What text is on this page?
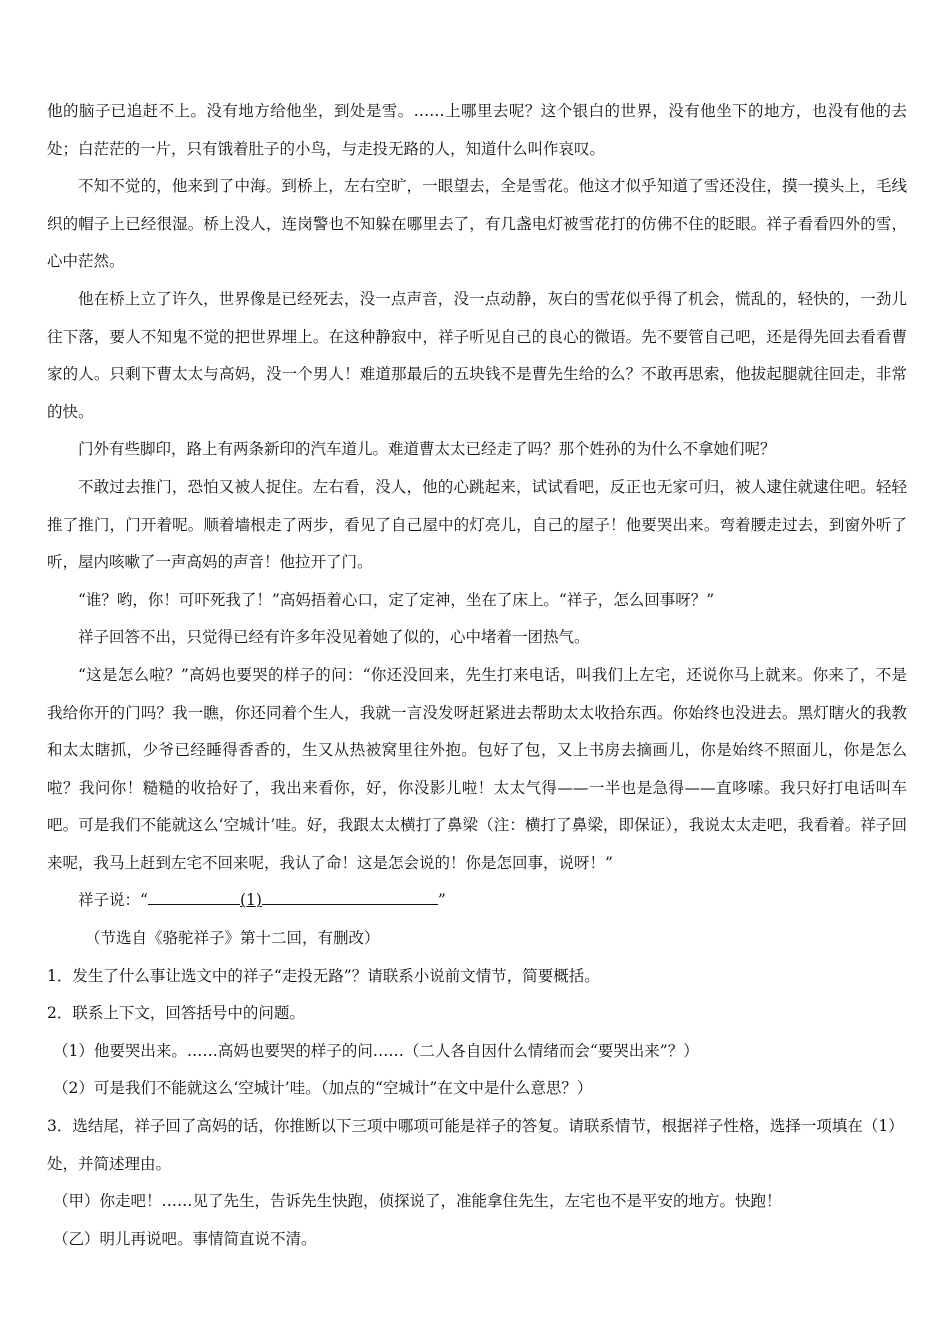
他的脑子已追赶不上。没有地方给他坐，到处是雪。……上哪里去呢？这个银白的世界，没有他坐下的地方，也没有他的去处；白茫茫的一片，只有饿着肚子的小鸟，与走投无路的人，知道什么叫作哀叹。

不知不觉的，他来到了中海。到桥上，左右空旷，一眼望去，全是雪花。他这才似乎知道了雪还没住，摸一摸头上，毛线织的帽子上已经很湿。桥上没人，连岗警也不知躲在哪里去了，有几盏电灯被雪花打的仿佛不住的眨眼。祥子看看四外的雪，心中茫然。

他在桥上立了许久，世界像是已经死去，没一点声音，没一点动静，灰白的雪花似乎得了机会，慌乱的，轻快的，一劲儿往下落，要人不知鬼不觉的把世界埋上。在这种静寂中，祥子听见自己的良心的微语。先不要管自己吧，还是得先回去看看曹家的人。只剩下曹太太与高妈，没一个男人！难道那最后的五块钱不是曹先生给的么？不敢再思索，他拔起腿就往回走，非常的快。

门外有些脚印，路上有两条新印的汽车道儿。难道曹太太已经走了吗？那个姓孙的为什么不拿她们呢？

不敢过去推门，恐怕又被人捉住。左右看，没人，他的心跳起来，试试看吧，反正也无家可归，被人逮住就逮住吧。轻轻推了推门，门开着呢。顺着墙根走了两步，看见了自己屋中的灯亮儿，自己的屋子！他要哭出来。弯着腰走过去，到窗外听了听，屋内咳嗽了一声高妈的声音！他拉开了门。

“谁？哟，你！可吓死我了！”高妈捂着心口，定了定神，坐在了床上。“祥子，怎么回事呀？”

祥子回答不出，只觉得已经有许多年没见着她了似的，心中堵着一团热气。

“这是怎么啦？”高妈也要哭的样子的问：“你还没回来，先生打来电话，叫我们上左宅，还说你马上就来。你来了，不是我给你开的门吗？我一瞧，你还同着个生人，我就一言没发呀赶紧进去帮助太太收拾东西。你始终也没进去。黑灯瞎火的我教和太太瞎抓，少爷已经睡得香香的，生又从热被窝里往外抱。包好了包，又上书房去摘画儿，你是始终不照面儿，你是怎么啦？我问你！糙糙的收拾好了，我出来看你，好，你没影儿啦！太太气得——一半也是急得——直哆嗦。我只好打电话叫车吧。可是我们不能就这么‘空城计’哇。好，我跟太太横打了鼻梁（注：横打了鼻梁，即保证），我说太太走吧，我看着。祥子回来呢，我马上赶到左宅不回来呢，我认了命！这是怎会说的！你是怎回事，说呀！”

祥子说：“	(1)	”

（节选自《骆驼祥子》第十二回，有删改）

1．发生了什么事让选文中的祥子“走投无路”？请联系小说前文情节，简要概括。

2．联系上下文，回答括号中的问题。

（1）他要哭出来。……高妈也要哭的样子的问……（二人各自因什么情绪而会“要哭出来”？）

（2）可是我们不能就这么‘空城计’哇。（加点的“空城计”在文中是什么意思？）

3．选结尾，祥子回了高妈的话，你推断以下三项中哪项可能是祥子的答复。请联系情节，根据祥子性格，选择一项填在（1）处，并简述理由。

（甲）你走吧！……见了先生，告诉先生快跑，侦探说了，准能拿住先生，左宅也不是平安的地方。快跑！

（乙）明儿再说吧。事情简直说不清。
